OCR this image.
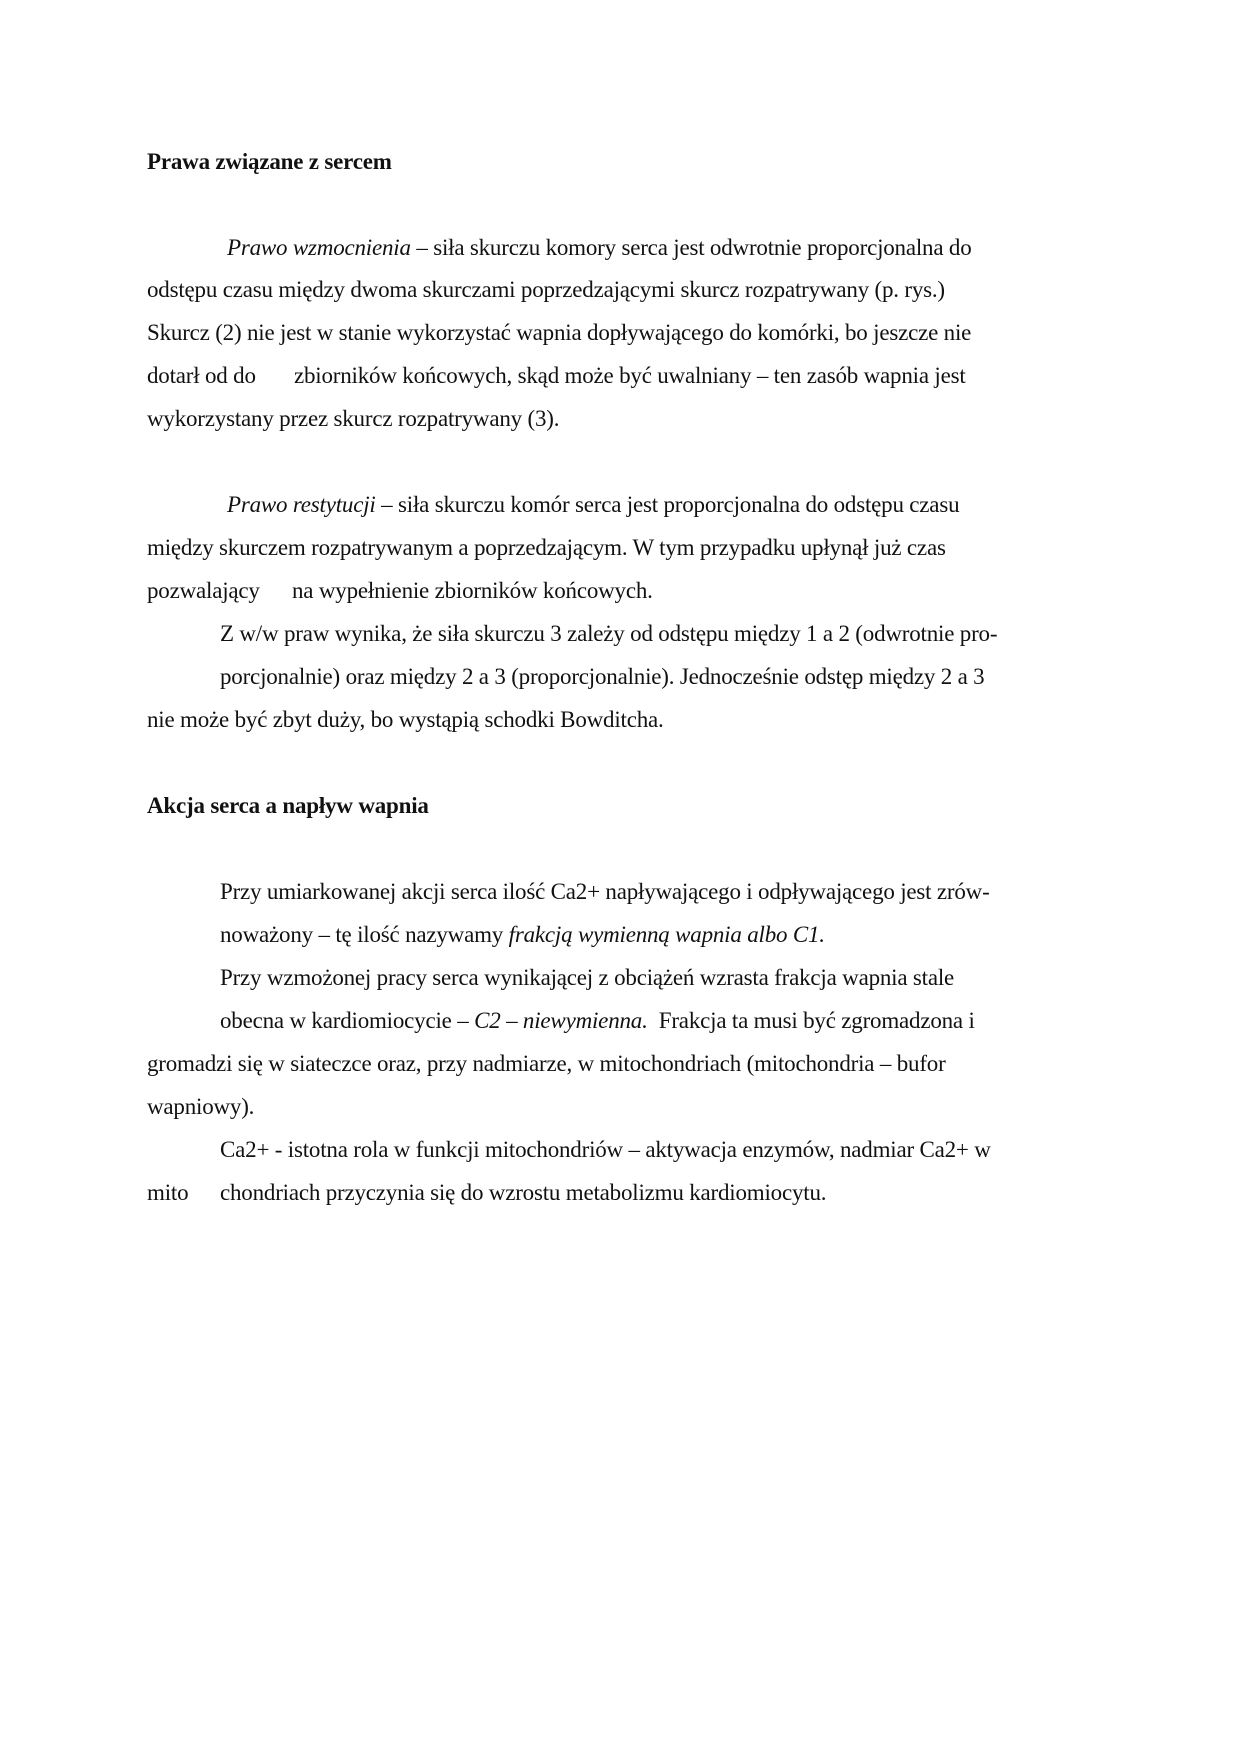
Prawa związane z sercem
Prawo wzmocnienia – siła skurczu komory serca jest odwrotnie proporcjonalna do
odstępu czasu między dwoma skurczami poprzedzającymi skurcz rozpatrywany (p. rys.)
Skurcz (2) nie jest w stanie wykorzystać wapnia dopływającego do komórki, bo jeszcze nie
dotarł od do zbiorników końcowych, skąd może być uwalniany – ten zasób wapnia jest
wykorzystany przez skurcz rozpatrywany (3).
Prawo restytucji – siła skurczu komór serca jest proporcjonalna do odstępu czasu
między skurczem rozpatrywanym a poprzedzającym. W tym przypadku upłynął już czas
pozwalający na wypełnienie zbiorników końcowych.
Z w/w praw wynika, że siła skurczu 3 zależy od odstępu między 1 a 2 (odwrotnie pro-
porcjonalnie) oraz między 2 a 3 (proporcjonalnie). Jednocześnie odstęp między 2 a 3
nie może być zbyt duży, bo wystąpią schodki Bowditcha.
Akcja serca a napływ wapnia
Przy umiarkowanej akcji serca ilość Ca2+ napływającego i odpływającego jest zrów-
noważony – tę ilość nazywamy frakcją wymienną wapnia albo C1.
Przy wzmożonej pracy serca wynikającej z obciążeń wzrasta frakcja wapnia stale
obecna w kardiomiocycie – C2 – niewymienna.  Frakcja ta musi być zgromadzona i
gromadzi się w siateczce oraz, przy nadmiarze, w mitochondriach (mitochondria – bufor
wapniowy).
Ca2+ - istotna rola w funkcji mitochondriów – aktywacja enzymów, nadmiar Ca2+ w
mito chondriach przyczynia się do wzrostu metabolizmu kardiomiocytu.
